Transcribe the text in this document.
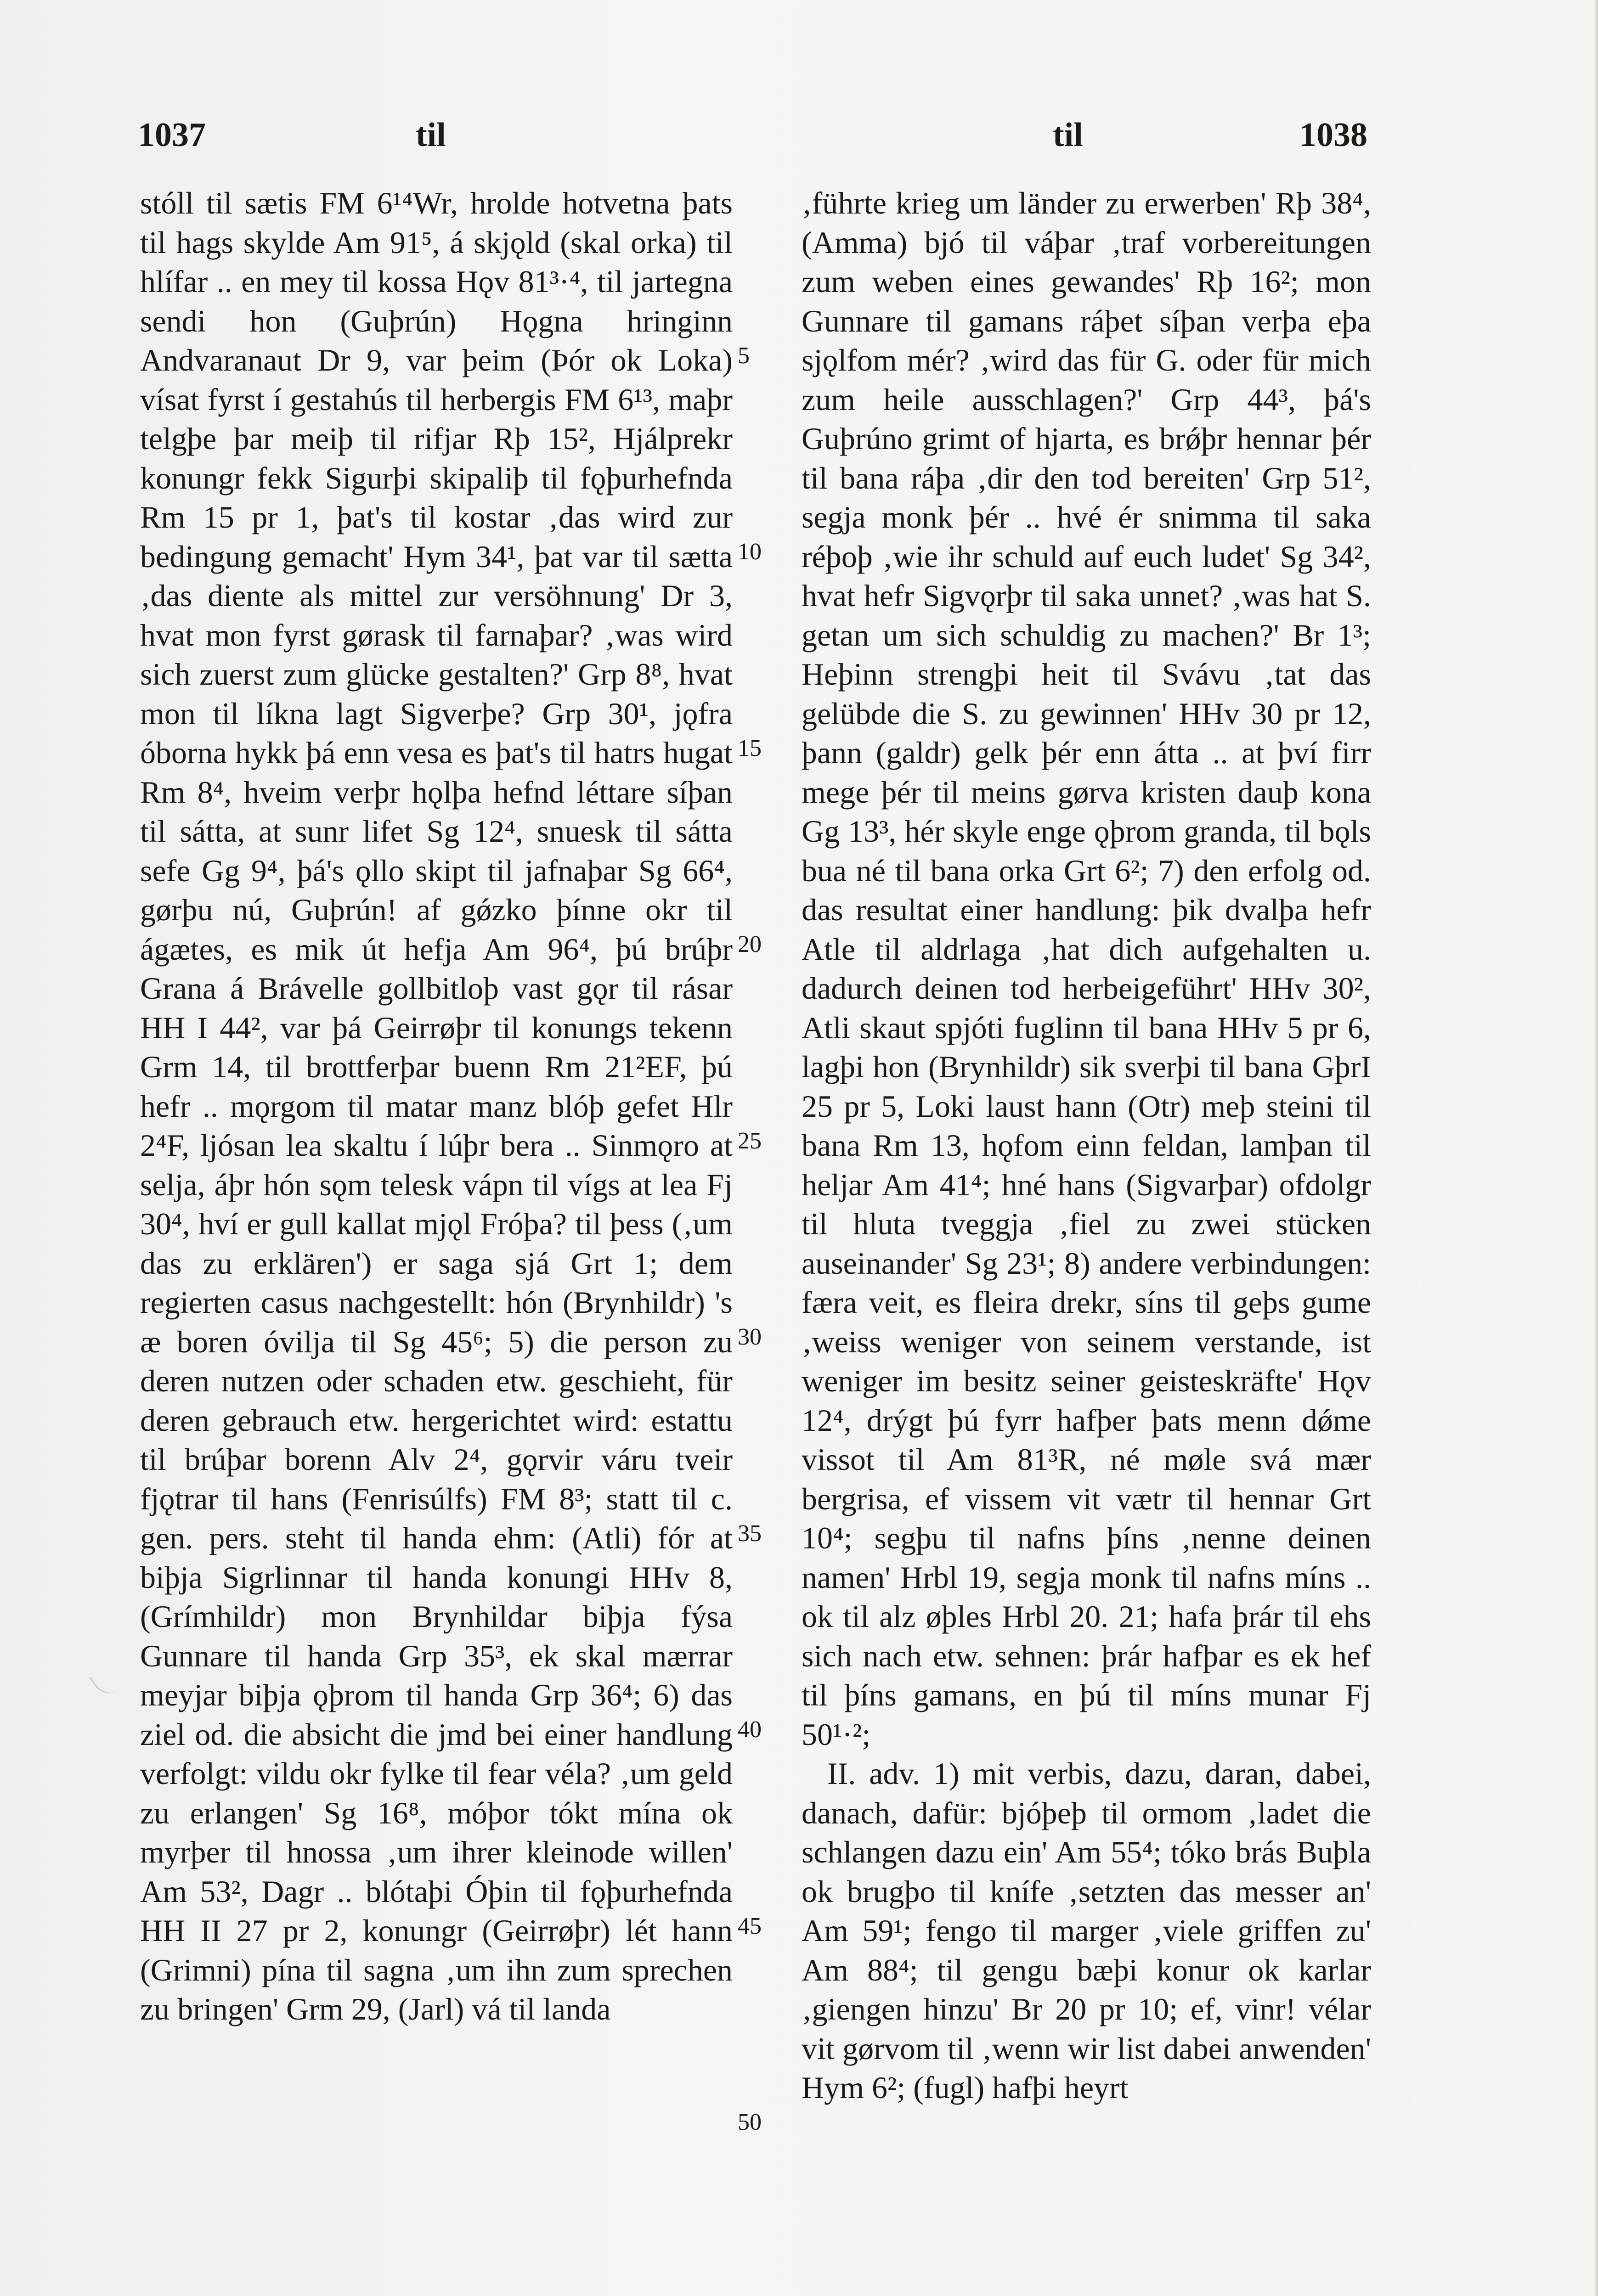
1037	til	til	1038

stóll til sætis FM 6¹⁴Wr, hrolde hotvetna þats til hags skylde Am 91⁵, á skjǫld (skal orka) til hlífar .. en mey til kossa Hǫv 81³·⁴, til jartegna sendi hon (Guþrún) Hǫgna hringinn Andvaranaut Dr 9, var þeim (Þór ok Loka) vísat fyrst í gestahús til herbergis FM 6¹³, maþr telgþe þar meiþ til rifjar Rþ 15², Hjálprekr konungr fekk Sigurþi skipaliþ til fǫþurhefnda Rm 15 pr 1, þat's til kostar ‚das wird zur bedingung gemacht' Hym 34¹, þat var til sætta ‚das diente als mittel zur versöhnung' Dr 3, hvat mon fyrst gørask til farnaþar? ‚was wird sich zuerst zum glücke gestalten?' Grp 8⁸, hvat mon til líkna lagt Sigverþe? Grp 30¹, jǫfra óborna hykk þá enn vesa es þat's til hatrs hugat Rm 8⁴, hveim verþr hǫlþa hefnd léttare síþan til sátta, at sunr lifet Sg 12⁴, snuesk til sátta sefe Gg 9⁴, þá's ǫllo skipt til jafnaþar Sg 66⁴, gørþu nú, Guþrún! af gǿzko þínne okr til ágætes, es mik út hefja Am 96⁴, þú brúþr Grana á Brávelle gollbitloþ vast gǫr til rásar HH I 44², var þá Geirrøþr til konungs tekenn Grm 14, til brottferþar buenn Rm 21²EF, þú hefr .. mǫrgom til matar manz blóþ gefet Hlr 2⁴F, ljósan lea skaltu í lúþr bera .. Sinmǫro at selja, áþr hón sǫm telesk vápn til vígs at lea Fj 30⁴, hví er gull kallat mjǫl Fróþa? til þess (‚um das zu erklären') er saga sjá Grt 1; dem regierten casus nachgestellt: hón (Brynhildr) 's æ boren óvilja til Sg 45⁶; 5) die person zu deren nutzen oder schaden etw. geschieht, für deren gebrauch etw. hergerichtet wird: estattu til brúþar borenn Alv 2⁴, gǫrvir váru tveir fjǫtrar til hans (Fenrisúlfs) FM 8³; statt til c. gen. pers. steht til handa ehm: (Atli) fór at biþja Sigrlinnar til handa konungi HHv 8, (Grímhildr) mon Brynhildar biþja fýsa Gunnare til handa Grp 35³, ek skal mærrar meyjar biþja ǫþrom til handa Grp 36⁴; 6) das ziel od. die absicht die jmd bei einer handlung verfolgt: vildu okr fylke til fear véla? ‚um geld zu erlangen' Sg 16⁸, móþor tókt mína ok myrþer til hnossa ‚um ihrer kleinode willen' Am 53², Dagr .. blótaþi Óþin til fǫþurhefnda HH II 27 pr 2, konungr (Geirrøþr) lét hann (Grimni) pína til sagna ‚um ihn zum sprechen zu bringen' Grm 29, (Jarl) vá til landa

5
10
15
20
25
30
35
40
45
50

‚führte krieg um länder zu erwerben' Rþ 38⁴, (Amma) bjó til váþar ‚traf vorbereitungen zum weben eines gewandes' Rþ 16²; mon Gunnare til gamans ráþet síþan verþa eþa sjǫlfom mér? ‚wird das für G. oder für mich zum heile ausschlagen?' Grp 44³, þá's Guþrúno grimt of hjarta, es brǿþr hennar þér til bana ráþa ‚dir den tod bereiten' Grp 51², segja monk þér .. hvé ér snimma til saka réþoþ ‚wie ihr schuld auf euch ludet' Sg 34², hvat hefr Sigvǫrþr til saka unnet? ‚was hat S. getan um sich schuldig zu machen?' Br 1³; Heþinn strengþi heit til Svávu ‚tat das gelübde die S. zu gewinnen' HHv 30 pr 12, þann (galdr) gelk þér enn átta .. at því firr mege þér til meins gørva kristen dauþ kona Gg 13³, hér skyle enge ǫþrom granda, til bǫls bua né til bana orka Grt 6²; 7) den erfolg od. das resultat einer handlung: þik dvalþa hefr Atle til aldrlaga ‚hat dich aufgehalten u. dadurch deinen tod herbeigeführt' HHv 30², Atli skaut spjóti fuglinn til bana HHv 5 pr 6, lagþi hon (Brynhildr) sik sverþi til bana GþrI 25 pr 5, Loki laust hann (Otr) meþ steini til bana Rm 13, hǫfom einn feldan, lamþan til heljar Am 41⁴; hné hans (Sigvarþar) ofdolgr til hluta tveggja ‚fiel zu zwei stücken auseinander' Sg 23¹; 8) andere verbindungen: færa veit, es fleira drekr, síns til geþs gume ‚weiss weniger von seinem verstande, ist weniger im besitz seiner geisteskräfte' Hǫv 12⁴, drýgt þú fyrr hafþer þats menn dǿme vissot til Am 81³R, né møle svá mær bergrisa, ef vissem vit vætr til hennar Grt 10⁴; segþu til nafns þíns ‚nenne deinen namen' Hrbl 19, segja monk til nafns míns .. ok til alz øþles Hrbl 20. 21; hafa þrár til ehs sich nach etw. sehnen: þrár hafþar es ek hef til þíns gamans, en þú til míns munar Fj 50¹·²;

II. adv. 1) mit verbis, dazu, daran, dabei, danach, dafür: bjóþeþ til ormom ‚ladet die schlangen dazu ein' Am 55⁴; tóko brás Buþla ok brugþo til knífe ‚setzten das messer an' Am 59¹; fengo til marger ‚viele griffen zu' Am 88⁴; til gengu bæþi konur ok karlar ‚giengen hinzu' Br 20 pr 10; ef, vinr! vélar vit gørvom til ‚wenn wir list dabei anwenden' Hym 6²; (fugl) hafþi heyrt
